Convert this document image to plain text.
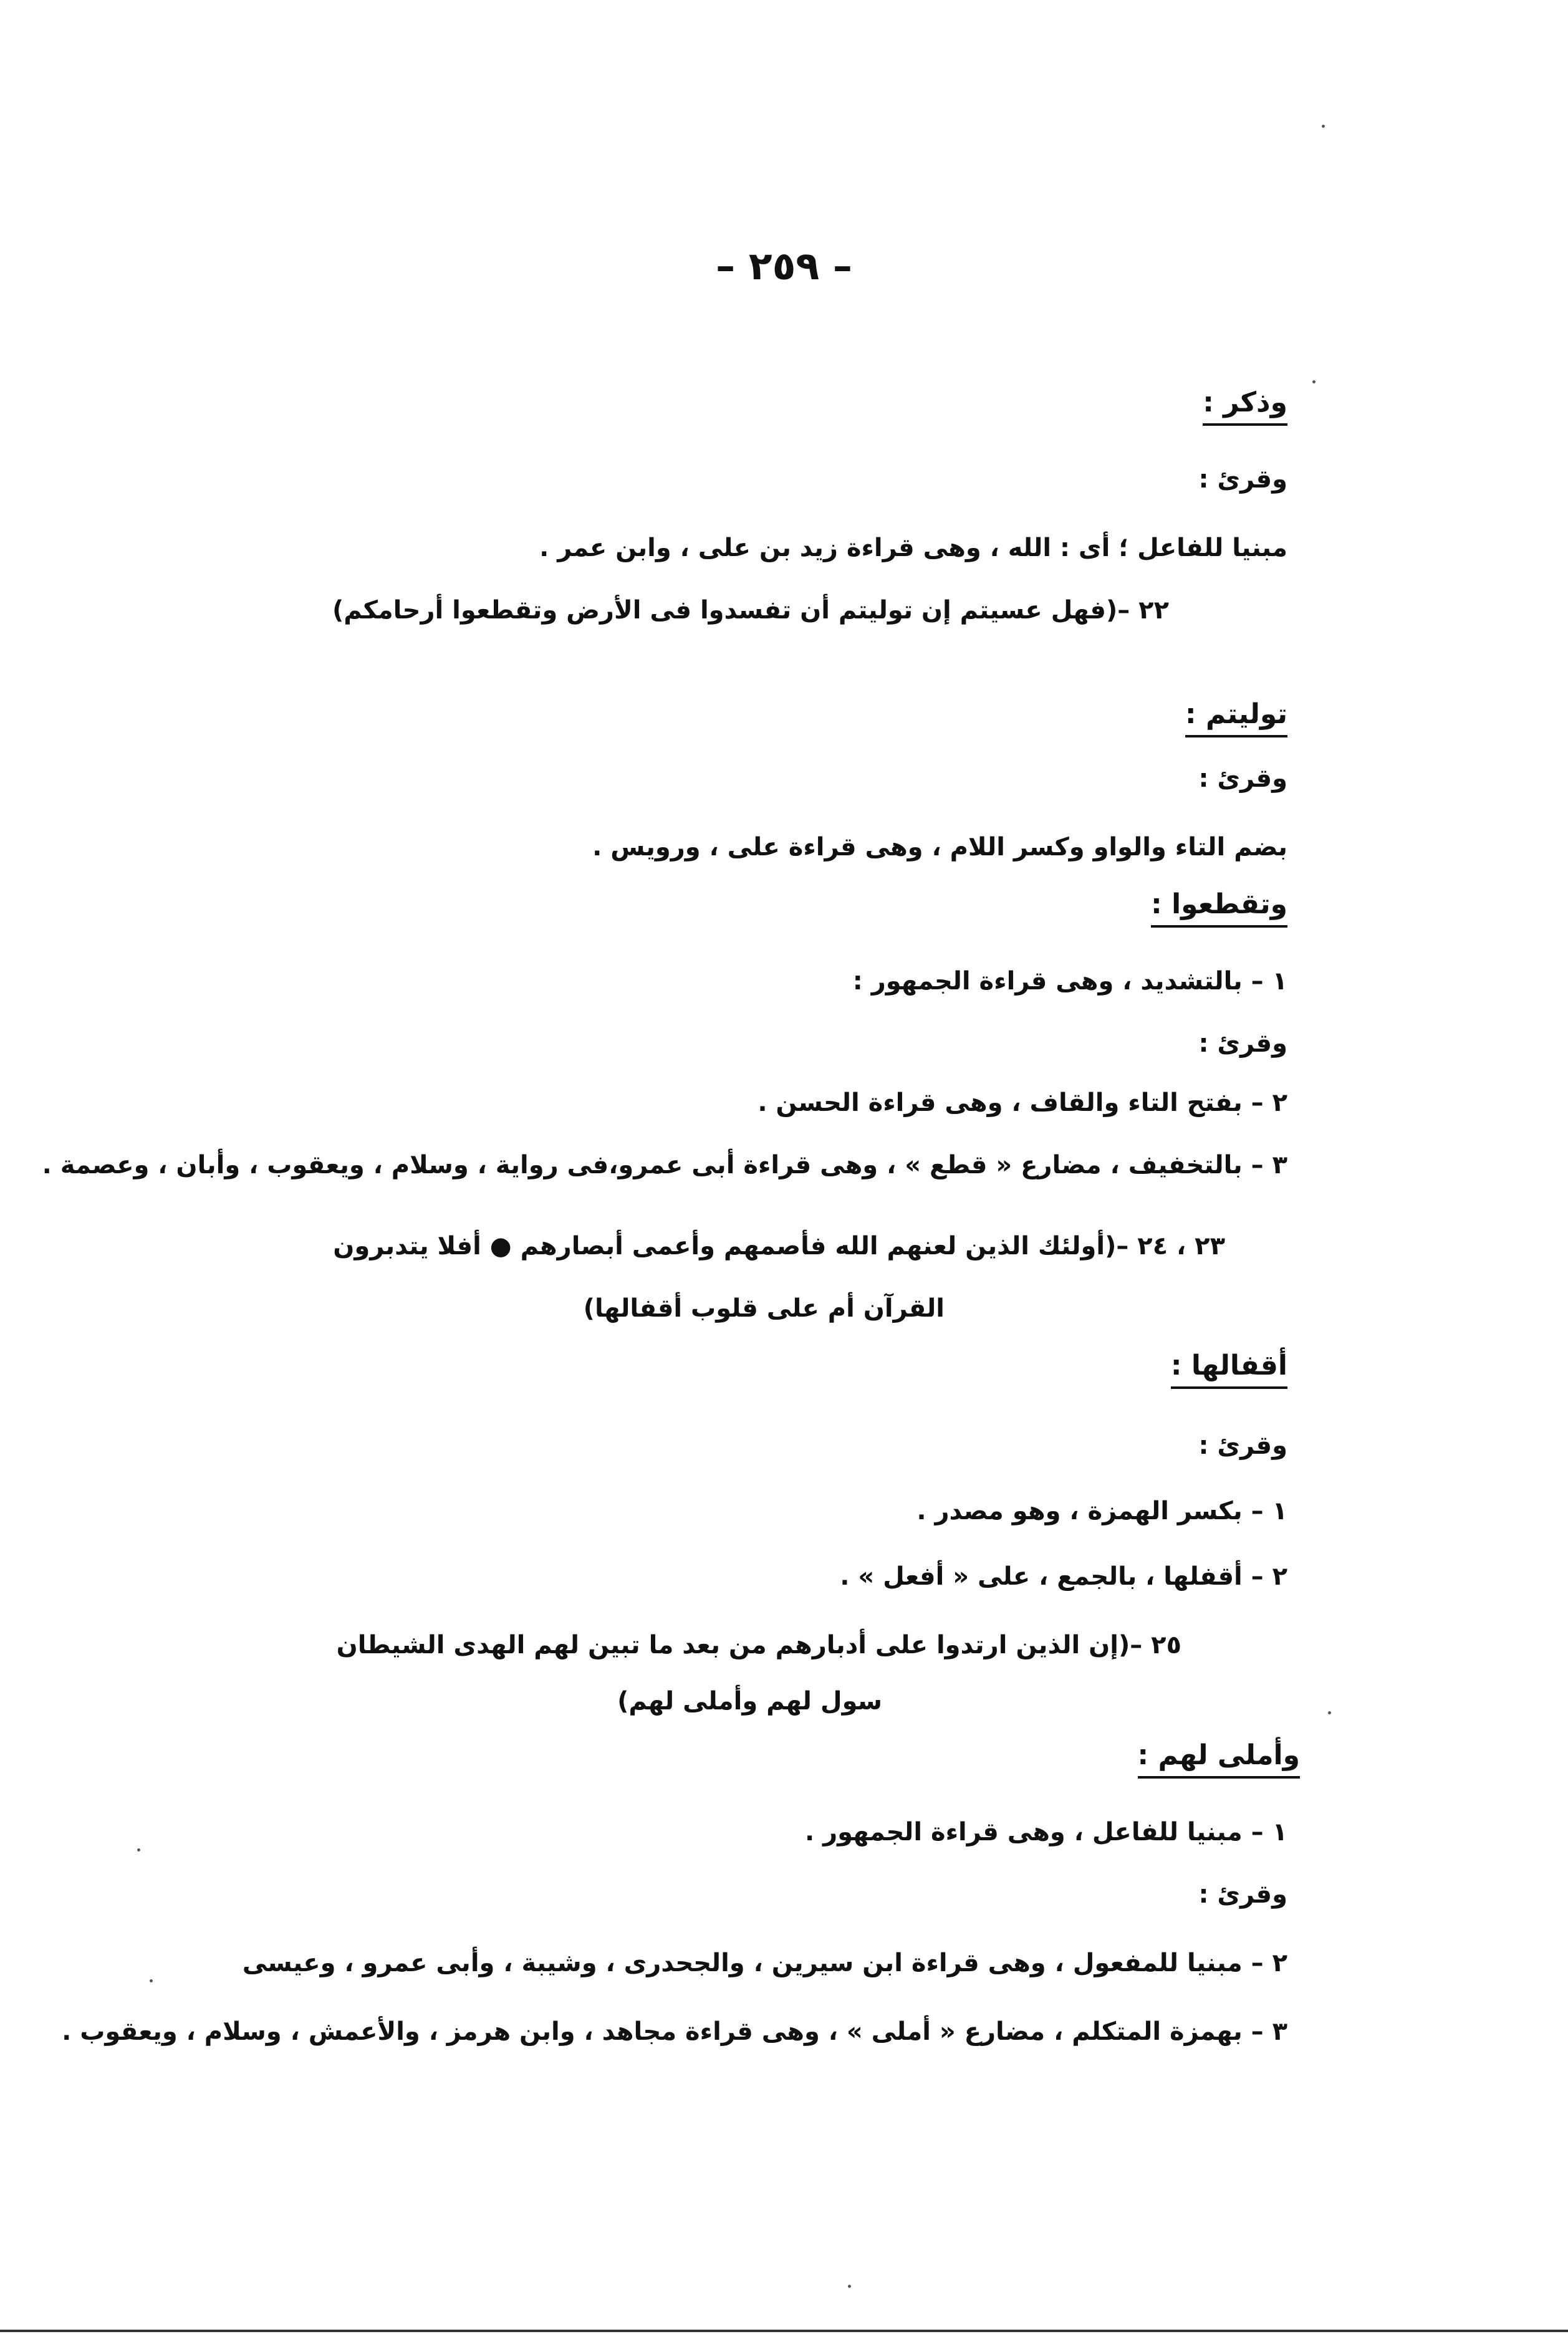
– ٢٥٩ –
وذكر :
وقرئ :
مبنيا للفاعل ؛ أى : الله ، وهى قراءة زيد بن على ، وابن عمر .
٢٢ –(فهل عسيتم إن توليتم أن تفسدوا فى الأرض وتقطعوا أرحامكم)
توليتم :
وقرئ :
بضم التاء والواو وكسر اللام ، وهى قراءة على ، ورويس .
وتقطعوا :
١ – بالتشديد ، وهى قراءة الجمهور :
وقرئ :
٢ – بفتح التاء والقاف ، وهى قراءة الحسن .
٣ – بالتخفيف ، مضارع « قطع » ، وهى قراءة أبى عمرو،فى رواية ، وسلام ، ويعقوب ، وأبان ، وعصمة .
٢٣ ، ٢٤ –(أولئك الذين لعنهم الله فأصمهم وأعمى أبصارهم ● أفلا يتدبرون
القرآن أم على قلوب أقفالها)
أقفالها :
وقرئ :
١ – بكسر الهمزة ، وهو مصدر .
٢ – أقفلها ، بالجمع ، على « أفعل » .
٢٥ –(إن الذين ارتدوا على أدبارهم من بعد ما تبين لهم الهدى الشيطان
سول لهم وأملى لهم)
وأملى لهم :
١ – مبنيا للفاعل ، وهى قراءة الجمهور .
وقرئ :
٢ – مبنيا للمفعول ، وهى قراءة ابن سيرين ، والجحدرى ، وشيبة ، وأبى عمرو ، وعيسى
٣ – بهمزة المتكلم ، مضارع « أملى » ، وهى قراءة مجاهد ، وابن هرمز ، والأعمش ، وسلام ، ويعقوب .
